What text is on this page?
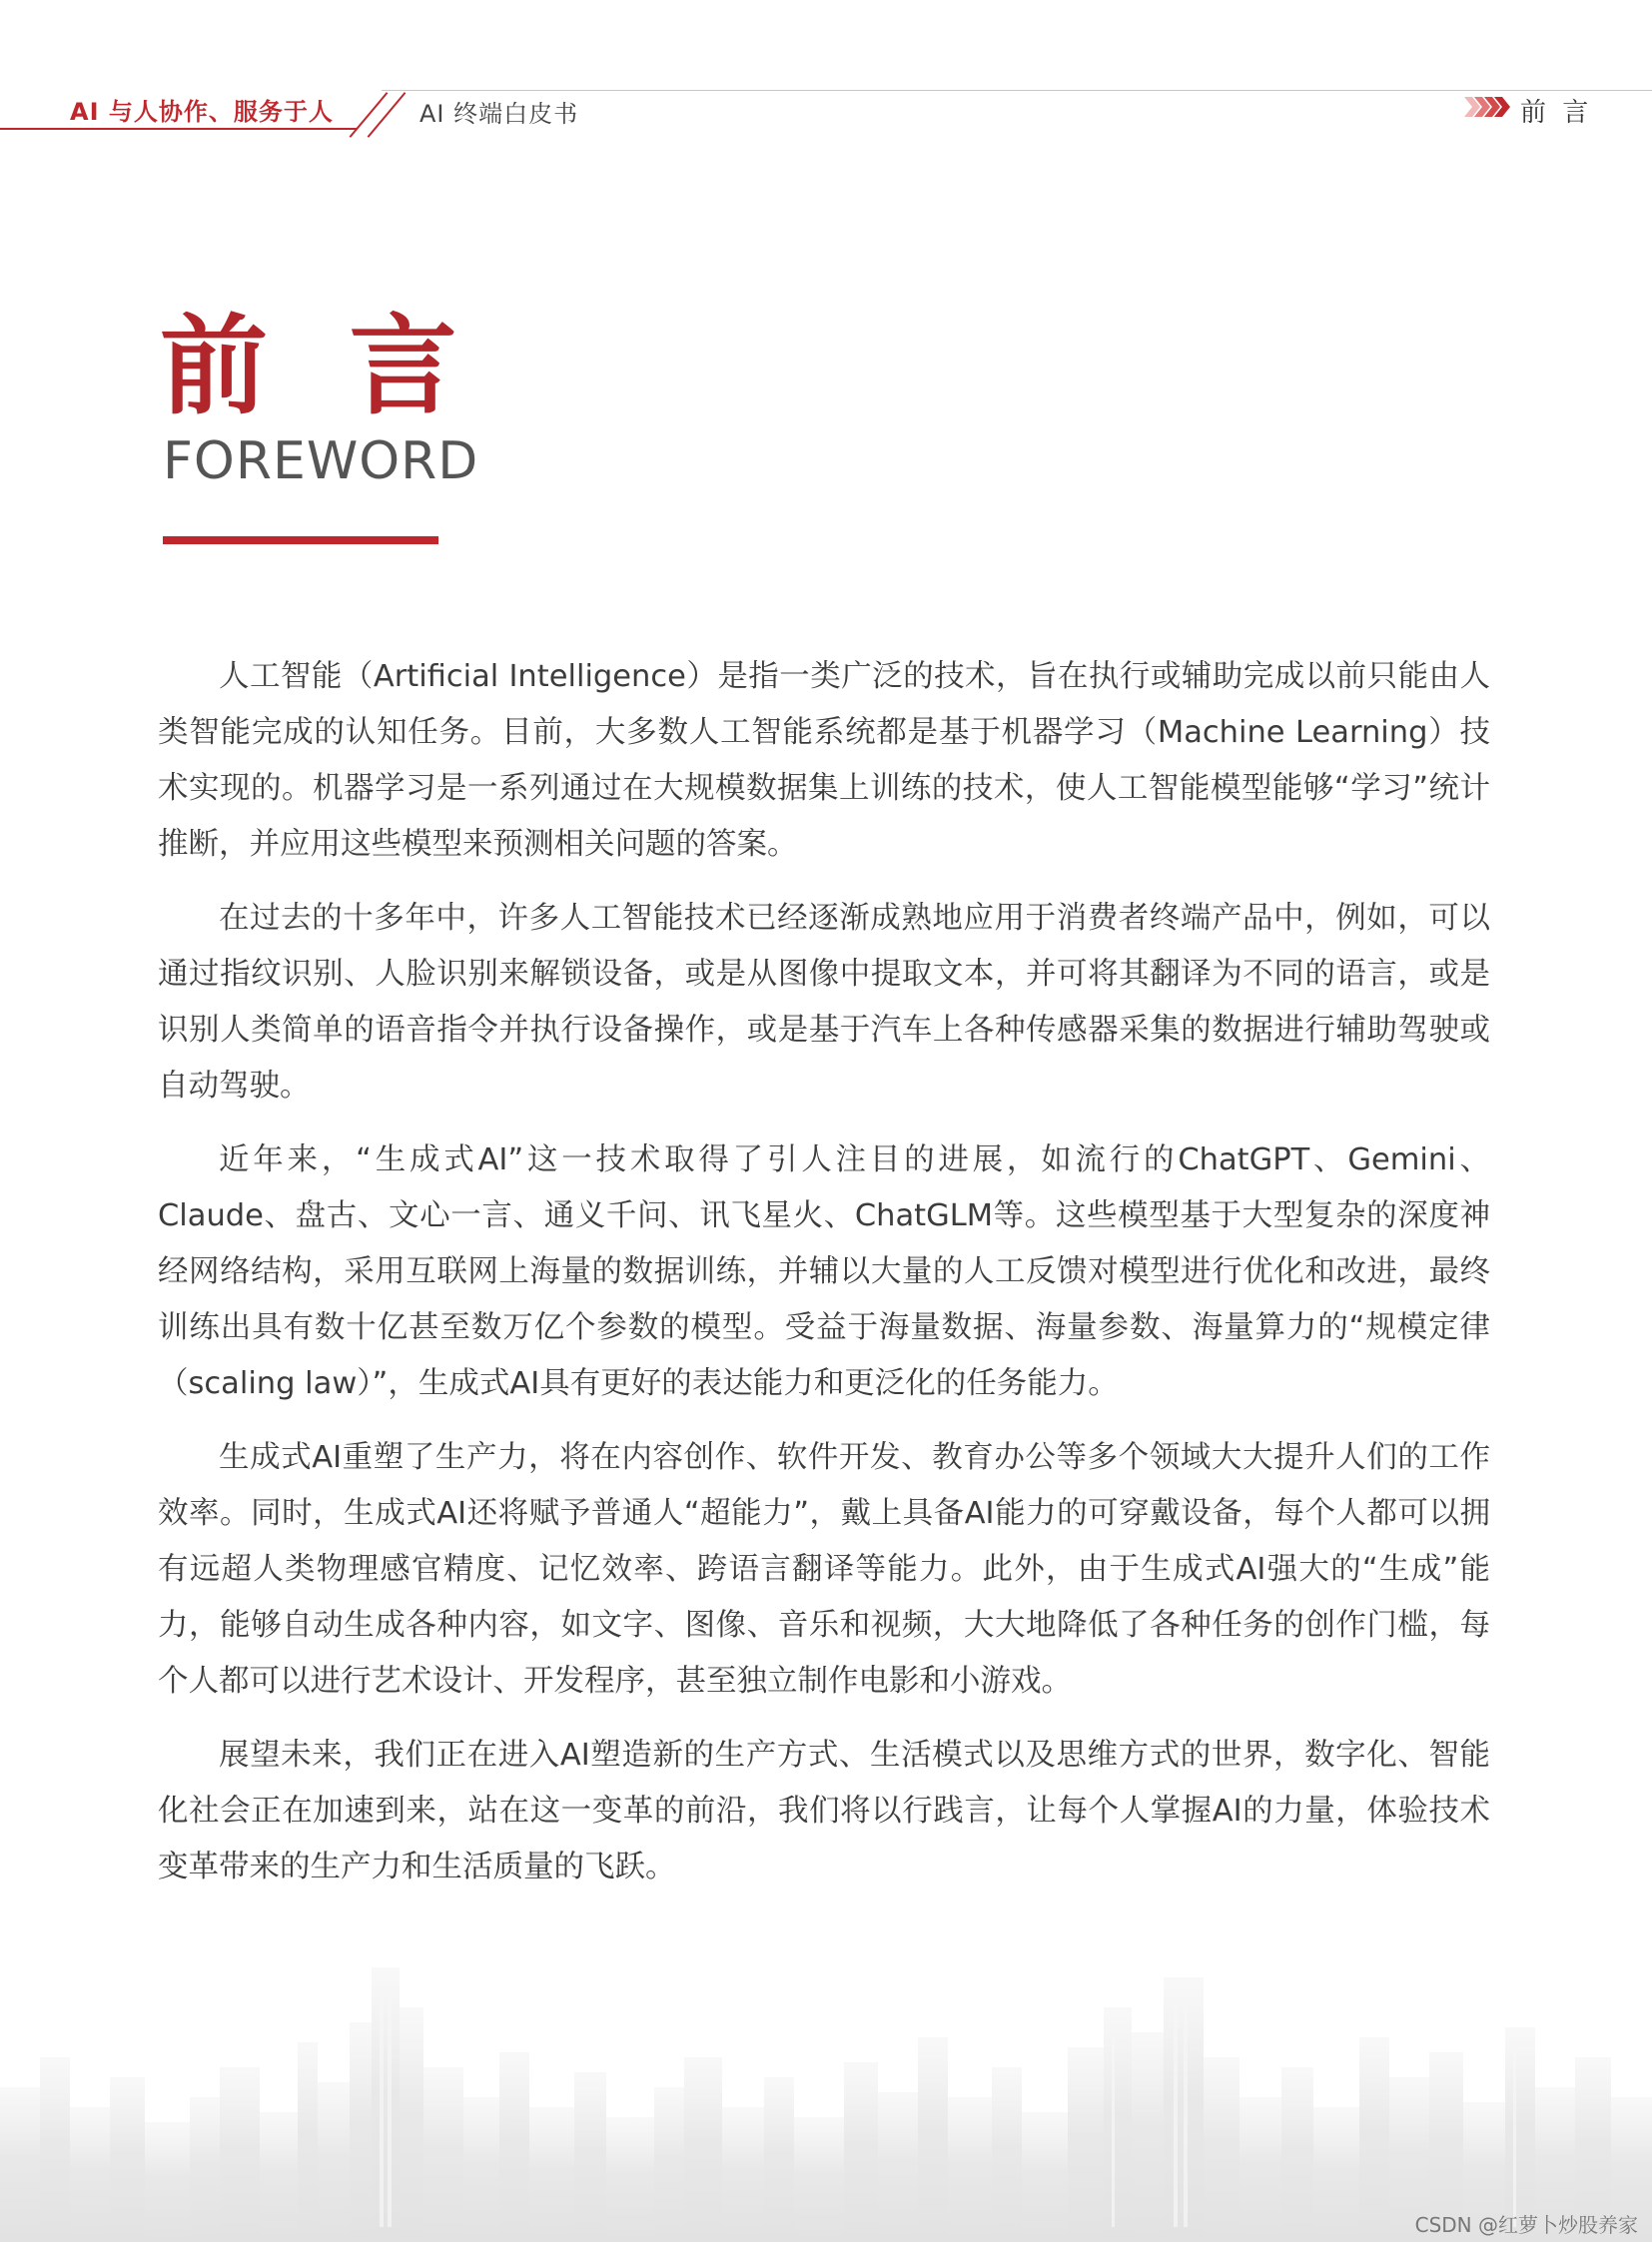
AI 与人协作、服务于人	AI 终端白皮书	前 言
前 言
FOREWORD

人工智能（Artificial Intelligence）是指一类广泛的技术，旨在执行或辅助完成以前只能由人类智能完成的认知任务。目前，大多数人工智能系统都是基于机器学习（Machine Learning）技术实现的。机器学习是一系列通过在大规模数据集上训练的技术，使人工智能模型能够“学习”统计推断，并应用这些模型来预测相关问题的答案。

在过去的十多年中，许多人工智能技术已经逐渐成熟地应用于消费者终端产品中，例如，可以通过指纹识别、人脸识别来解锁设备，或是从图像中提取文本，并可将其翻译为不同的语言，或是识别人类简单的语音指令并执行设备操作，或是基于汽车上各种传感器采集的数据进行辅助驾驶或自动驾驶。

近年来，“生成式AI”这一技术取得了引人注目的进展，如流行的ChatGPT、Gemini、Claude、盘古、文心一言、通义千问、讯飞星火、ChatGLM等。这些模型基于大型复杂的深度神经网络结构，采用互联网上海量的数据训练，并辅以大量的人工反馈对模型进行优化和改进，最终训练出具有数十亿甚至数万亿个参数的模型。受益于海量数据、海量参数、海量算力的“规模定律（scaling law）”，生成式AI具有更好的表达能力和更泛化的任务能力。

生成式AI重塑了生产力，将在内容创作、软件开发、教育办公等多个领域大大提升人们的工作效率。同时，生成式AI还将赋予普通人“超能力”，戴上具备AI能力的可穿戴设备，每个人都可以拥有远超人类物理感官精度、记忆效率、跨语言翻译等能力。此外，由于生成式AI强大的“生成”能力，能够自动生成各种内容，如文字、图像、音乐和视频，大大地降低了各种任务的创作门槛，每个人都可以进行艺术设计、开发程序，甚至独立制作电影和小游戏。

展望未来，我们正在进入AI塑造新的生产方式、生活模式以及思维方式的世界，数字化、智能化社会正在加速到来，站在这一变革的前沿，我们将以行践言，让每个人掌握AI的力量，体验技术变革带来的生产力和生活质量的飞跃。

CSDN @红萝卜炒股养家
